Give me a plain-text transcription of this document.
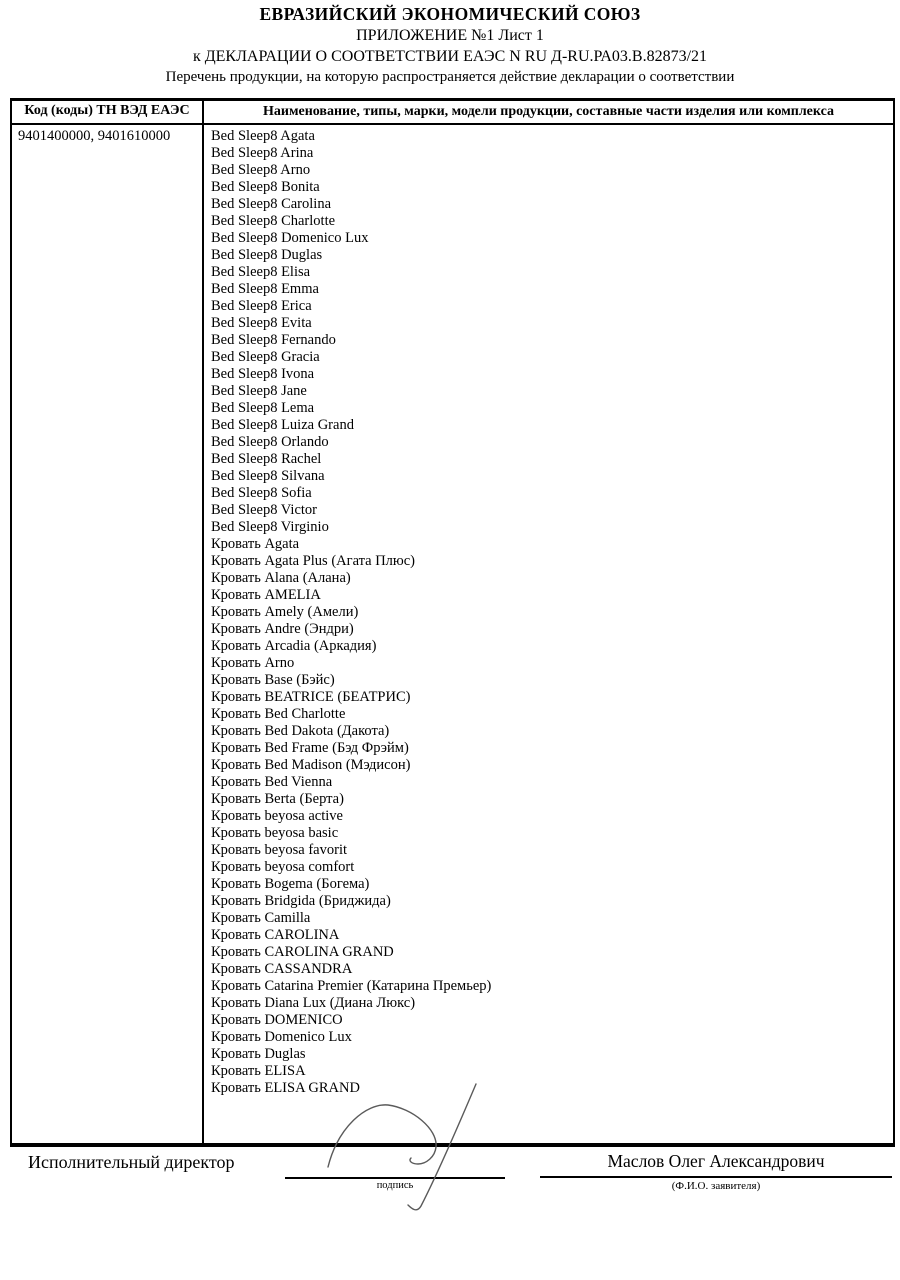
ЕВРАЗИЙСКИЙ ЭКОНОМИЧЕСКИЙ СОЮЗ
ПРИЛОЖЕНИЕ №1 Лист 1
к ДЕКЛАРАЦИИ О СООТВЕТСТВИИ ЕАЭС N RU Д-RU.РА03.В.82873/21
Перечень продукции, на которую распространяется действие декларации о соответствии
Код (коды) ТН ВЭД ЕАЭС	Наименование, типы, марки, модели продукции, составные части изделия или комплекса
9401400000, 9401610000	Bed Sleep8 Agata
Bed Sleep8 Arina
Bed Sleep8 Arno
Bed Sleep8 Bonita
Bed Sleep8 Carolina
Bed Sleep8 Charlotte
Bed Sleep8 Domenico Lux
Bed Sleep8 Duglas
Bed Sleep8 Elisa
Bed Sleep8 Emma
Bed Sleep8 Erica
Bed Sleep8 Evita
Bed Sleep8 Fernando
Bed Sleep8 Gracia
Bed Sleep8 Ivona
Bed Sleep8 Jane
Bed Sleep8 Lema
Bed Sleep8 Luiza Grand
Bed Sleep8 Orlando
Bed Sleep8 Rachel
Bed Sleep8 Silvana
Bed Sleep8 Sofia
Bed Sleep8 Victor
Bed Sleep8 Virginio
Кровать Agata
Кровать Agata Plus (Агата Плюс)
Кровать Alana (Алана)
Кровать AMELIA
Кровать Amely (Амели)
Кровать Andre (Эндри)
Кровать Arcadia (Аркадия)
Кровать Arno
Кровать Base (Бэйс)
Кровать BEATRICE (БЕАТРИС)
Кровать Bed Charlotte
Кровать Bed Dakota (Дакота)
Кровать Bed Frame (Бэд Фрэйм)
Кровать Bed Madison (Мэдисон)
Кровать Bed Vienna
Кровать Berta (Берта)
Кровать beyosa active
Кровать beyosa basic
Кровать beyosa favorit
Кровать beyosa comfort
Кровать Bogema (Богема)
Кровать Bridgida (Бриджида)
Кровать Camilla
Кровать CAROLINA
Кровать CAROLINA GRAND
Кровать CASSANDRA
Кровать Catarina Premier (Катарина Премьер)
Кровать Diana Lux (Диана Люкс)
Кровать DOMENICO
Кровать Domenico Lux
Кровать Duglas
Кровать ELISA
Кровать ELISA GRAND
Исполнительный директор
подпись
Маслов Олег Александрович
(Ф.И.О. заявителя)
